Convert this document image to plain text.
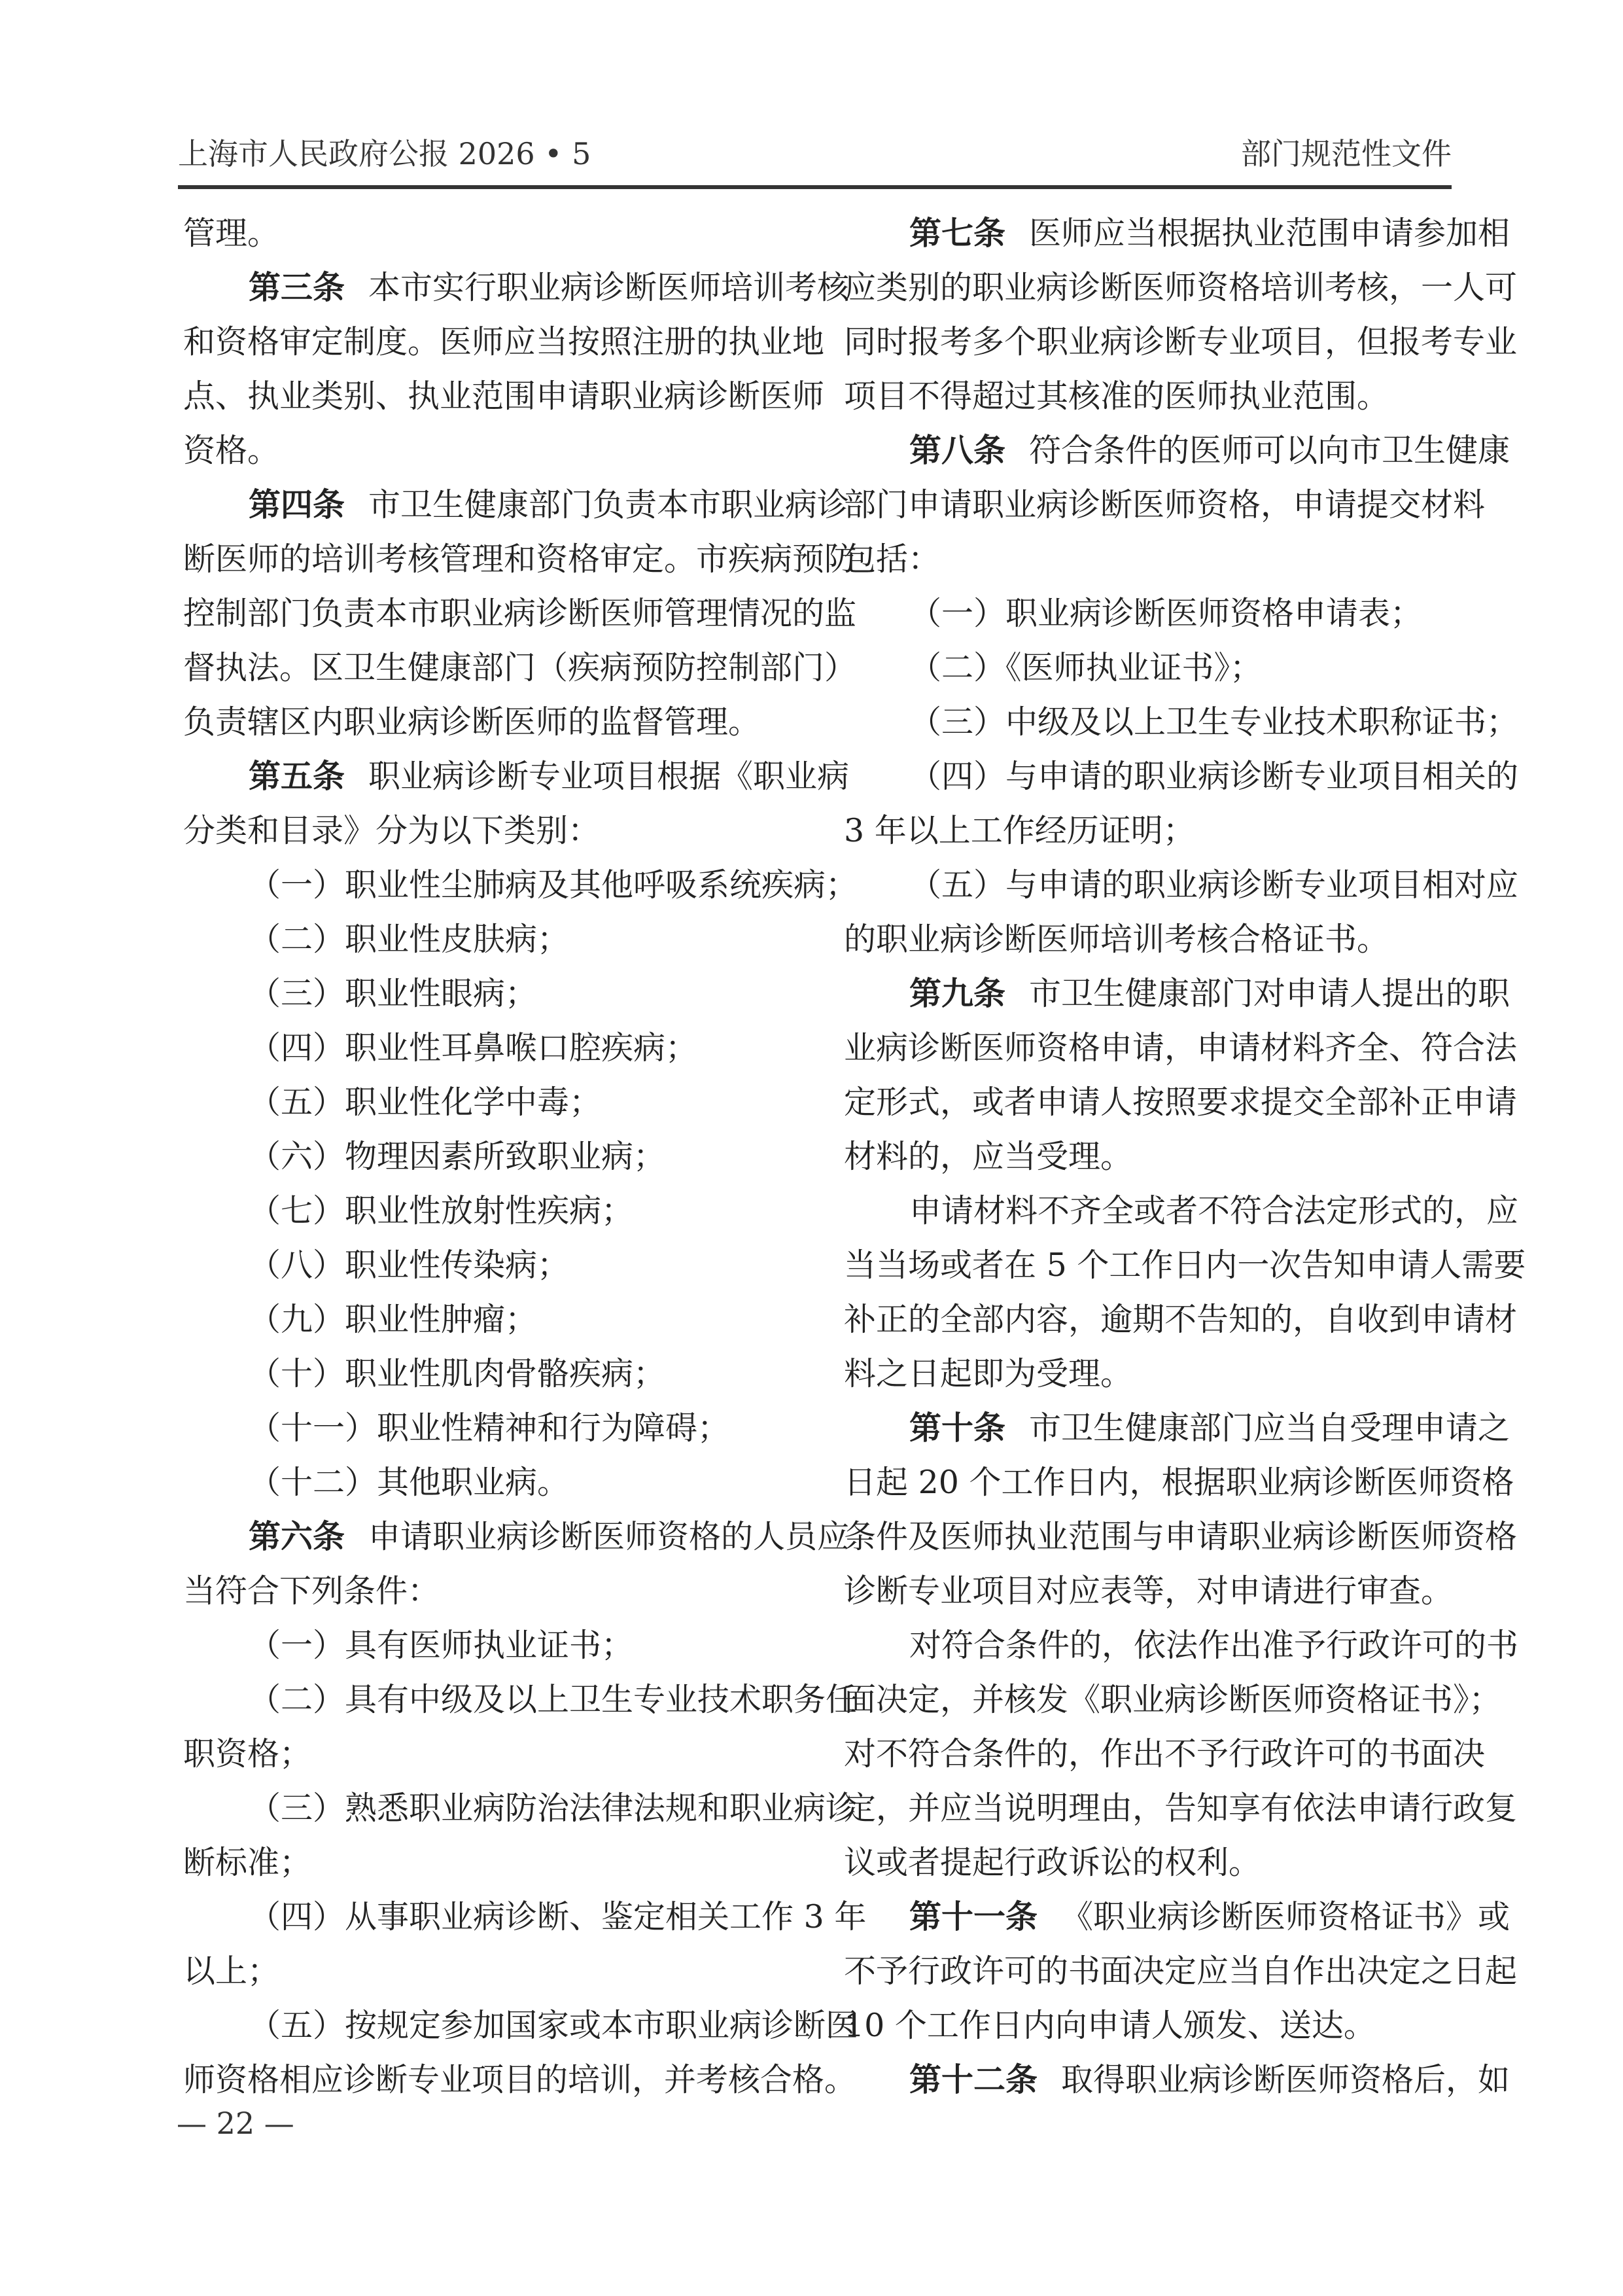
上海市人民政府公报 2026 • 5	部门规范性文件
管理。
第三条 本市实行职业病诊断医师培训考核
和资格审定制度。医师应当按照注册的执业地
点、执业类别、执业范围申请职业病诊断医师
资格。
第四条 市卫生健康部门负责本市职业病诊
断医师的培训考核管理和资格审定。市疾病预防
控制部门负责本市职业病诊断医师管理情况的监
督执法。区卫生健康部门（疾病预防控制部门）
负责辖区内职业病诊断医师的监督管理。
第五条 职业病诊断专业项目根据《职业病
分类和目录》分为以下类别：
（一）职业性尘肺病及其他呼吸系统疾病；
（二）职业性皮肤病；
（三）职业性眼病；
（四）职业性耳鼻喉口腔疾病；
（五）职业性化学中毒；
（六）物理因素所致职业病；
（七）职业性放射性疾病；
（八）职业性传染病；
（九）职业性肿瘤；
（十）职业性肌肉骨骼疾病；
（十一）职业性精神和行为障碍；
（十二）其他职业病。
第六条 申请职业病诊断医师资格的人员应
当符合下列条件：
（一）具有医师执业证书；
（二）具有中级及以上卫生专业技术职务任
职资格；
（三）熟悉职业病防治法律法规和职业病诊
断标准；
（四）从事职业病诊断、鉴定相关工作 3 年
以上；
（五）按规定参加国家或本市职业病诊断医
师资格相应诊断专业项目的培训，并考核合格。
第七条 医师应当根据执业范围申请参加相
应类别的职业病诊断医师资格培训考核，一人可
同时报考多个职业病诊断专业项目，但报考专业
项目不得超过其核准的医师执业范围。
第八条 符合条件的医师可以向市卫生健康
部门申请职业病诊断医师资格，申请提交材料
包括：
（一）职业病诊断医师资格申请表；
（二）《医师执业证书》；
（三）中级及以上卫生专业技术职称证书；
（四）与申请的职业病诊断专业项目相关的
3 年以上工作经历证明；
（五）与申请的职业病诊断专业项目相对应
的职业病诊断医师培训考核合格证书。
第九条 市卫生健康部门对申请人提出的职
业病诊断医师资格申请，申请材料齐全、符合法
定形式，或者申请人按照要求提交全部补正申请
材料的，应当受理。
申请材料不齐全或者不符合法定形式的，应
当当场或者在 5 个工作日内一次告知申请人需要
补正的全部内容，逾期不告知的，自收到申请材
料之日起即为受理。
第十条 市卫生健康部门应当自受理申请之
日起 20 个工作日内，根据职业病诊断医师资格
条件及医师执业范围与申请职业病诊断医师资格
诊断专业项目对应表等，对申请进行审查。
对符合条件的，依法作出准予行政许可的书
面决定，并核发《职业病诊断医师资格证书》；
对不符合条件的，作出不予行政许可的书面决
定，并应当说明理由，告知享有依法申请行政复
议或者提起行政诉讼的权利。
第十一条 《职业病诊断医师资格证书》或
不予行政许可的书面决定应当自作出决定之日起
10 个工作日内向申请人颁发、送达。
第十二条 取得职业病诊断医师资格后，如
— 22 —
